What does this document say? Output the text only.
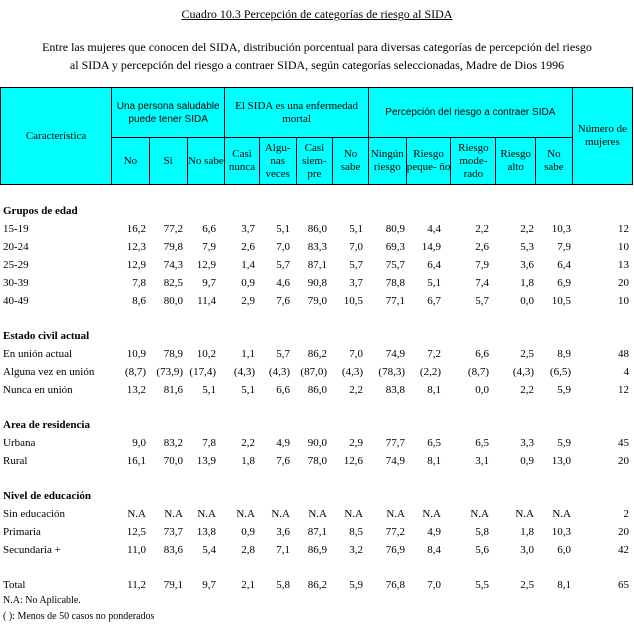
Cuadro 10.3 Percepción de categorías de riesgo al SIDA
Entre las mujeres que conocen del SIDA, distribución porcentual para diversas categorías de percepción del riesgo
al SIDA y percepción del riesgo a contraer SIDA, según categorías seleccionadas, Madre de Dios 1996
Característica	Una persona saludable puede tener SIDA			El SIDA es una enfermedad mortal				Percepción del riesgo a contraer SIDA					Número de mujeres
	No	Si	No sabe	Casi nunca	Algu- nas veces	Casi siem- pre	No sabe	Ningún riesgo	Riesgo peque- ño	Riesgo mode- rado	Riesgo alto	No sabe	
Grupos de edad
15-19	16,2 77,2 6,6 3,7 5,1 86,0 5,1 80,9 4,4	2,2	2,2 10,3	12
20-24	12,3 79,8 7,9 2,6 7,0 83,3 7,0 69,3 14,9	2,6	5,3 7,9	10
25-29	12,9 74,3 12,9 1,4 5,7 87,1 5,7 75,7 6,4	7,9	3,6 6,4	13
30-39	7,8 82,5 9,7 0,9 4,6 90,8 3,7 78,8 5,1	7,4	1,8 6,9	20
40-49	8,6 80,0 11,4 2,9 7,6 79,0 10,5 77,1 6,7	5,7	0,0 10,5	10
Estado civil actual
En unión actual	10,9 78,9 10,2 1,1 5,7 86,2 7,0 74,9 7,2	6,6	2,5 8,9	48
Alguna vez en unión	(8,7) (73,9) (17,4) (4,3) (4,3) (87,0) (4,3) (78,3) (2,2) (8,7) (4,3) (6,5)	4
Nunca en unión	13,2 81,6 5,1 5,1 6,6 86,0 2,2 83,8 8,1	0,0	2,2 5,9	12
Area de residencia
Urbana	9,0 83,2 7,8 2,2 4,9 90,0 2,9 77,7 6,5	6,5	3,3 5,9	45
Rural	16,1 70,0 13,9 1,8 7,6 78,0 12,6 74,9 8,1	3,1	0,9 13,0	20
Nivel de educación
Sin educación	N.A N.A N.A N.A N.A N.A N.A N.A N.A	N.A N.A N.A	2
Primaria	12,5 73,7 13,8 0,9 3,6 87,1 8,5 77,2 4,9	5,8	1,8 10,3	20
Secundaria +	11,0 83,6 5,4 2,8 7,1 86,9 3,2 76,9 8,4	5,6	3,0 6,0	42
Total	11,2 79,1 9,7 2,1 5,8 86,2 5,9 76,8 7,0	5,5	2,5 8,1	65
N.A: No Aplicable.
( ): Menos de 50 casos no ponderados
